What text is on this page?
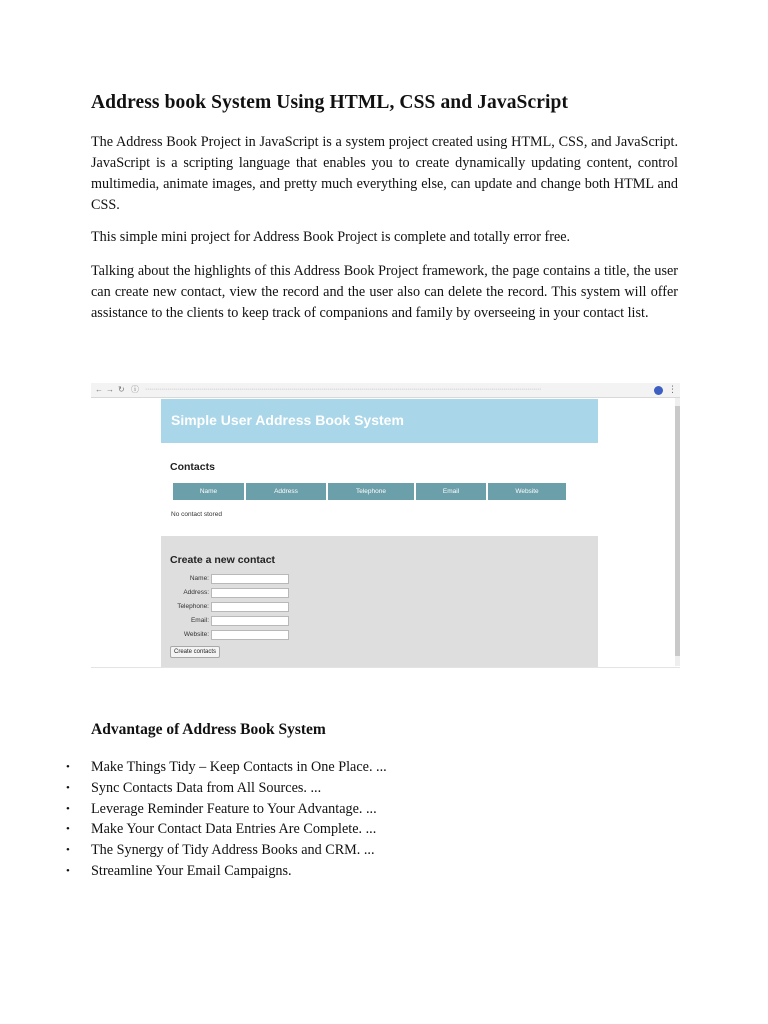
Address book System Using HTML, CSS and JavaScript

The Address Book Project in JavaScript is a system project created using HTML, CSS, and JavaScript. JavaScript is a scripting language that enables you to create dynamically updating content, control multimedia, animate images, and pretty much everything else, can update and change both HTML and CSS.

This simple mini project for Address Book Project is complete and totally error free.

Talking about the highlights of this Address Book Project framework, the page contains a title, the user can create new contact, view the record and the user also can delete the record. This system will offer assistance to the clients to keep track of companions and family by overseeing in your contact list.

← → ↻ ⓘ ⋯⋯⋯⋯⋯⋯⋯⋯⋯⋯⋯⋯⋯⋯⋯⋯⋯⋯⋯⋯⋯⋯⋯⋯⋯⋯⋯⋯⋯⋯⋯⋯⋯⋯⋯⋯⋯⋯⋯⋯⋯⋯⋯⋯⋯⋯⋯⋯⋯⋯⋯⋯⋯⋯⋯⋯⋯⋯⋯⋯⋯⋯⋯⋯⋯⋯	⋮
Simple User Address Book System
Contacts
Name	Address	Telephone	Email	Website
No contact stored
Create a new contact
Name:
Address:
Telephone:
Email:
Website:
Create contacts
Advantage of Address Book System
• Make Things Tidy – Keep Contacts in One Place. ...
• Sync Contacts Data from All Sources. ...
• Leverage Reminder Feature to Your Advantage. ...
• Make Your Contact Data Entries Are Complete. ...
• The Synergy of Tidy Address Books and CRM. ...
• Streamline Your Email Campaigns.
